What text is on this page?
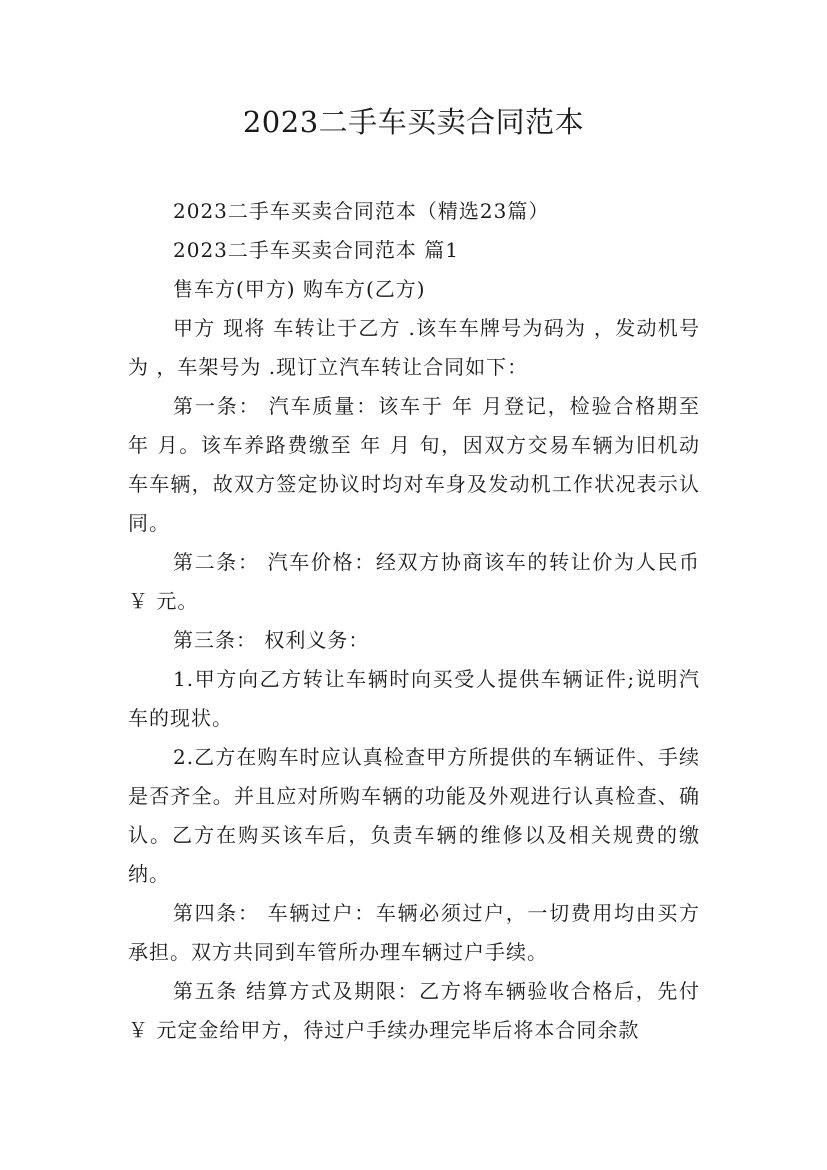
2023二手车买卖合同范本

2023二手车买卖合同范本（精选23篇）

2023二手车买卖合同范本 篇1

售车方(甲方) 购车方(乙方)

甲方 现将 车转让于乙方 .该车车牌号为码为 ，发动机号为 ，车架号为 .现订立汽车转让合同如下：

第一条： 汽车质量：该车于 年 月登记，检验合格期至 年 月。该车养路费缴至 年 月 旬，因双方交易车辆为旧机动车车辆，故双方签定协议时均对车身及发动机工作状况表示认同。

第二条： 汽车价格：经双方协商该车的转让价为人民币 ￥ 元。

第三条： 权利义务：

1.甲方向乙方转让车辆时向买受人提供车辆证件;说明汽车的现状。

2.乙方在购车时应认真检查甲方所提供的车辆证件、手续是否齐全。并且应对所购车辆的功能及外观进行认真检查、确认。乙方在购买该车后，负责车辆的维修以及相关规费的缴纳。

第四条： 车辆过户：车辆必须过户，一切费用均由买方承担。双方共同到车管所办理车辆过户手续。

第五条 结算方式及期限：乙方将车辆验收合格后，先付￥ 元定金给甲方，待过户手续办理完毕后将本合同余款
